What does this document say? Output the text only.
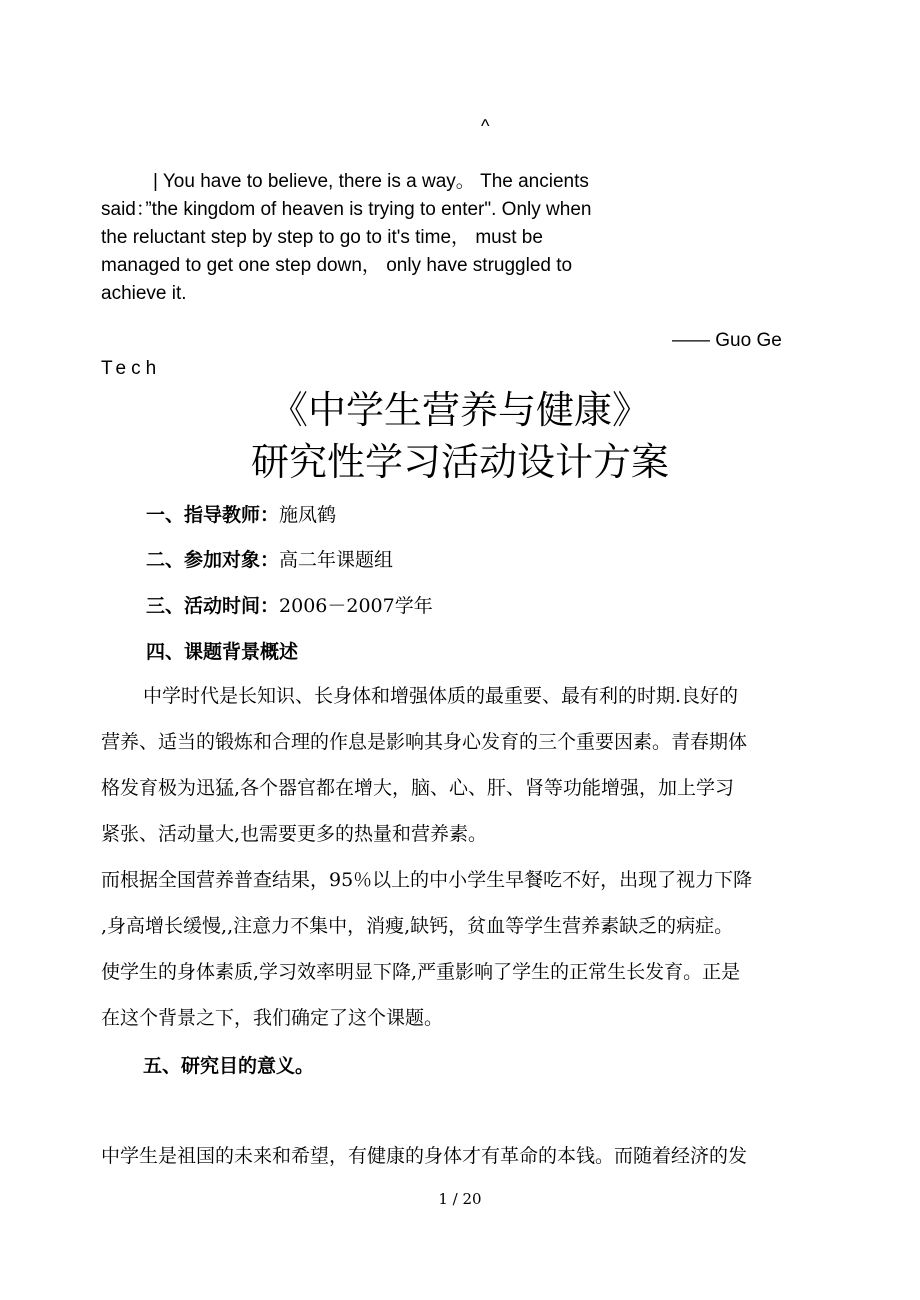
^
| You have to believe, there is a way。 The ancients
said：”the kingdom of heaven is trying to enter". Only when
the reluctant step by step to go to it's time， must be
managed to get one step down， only have struggled to
achieve it.
—— Guo Ge
Tech
《中学生营养与健康》
研究性学习活动设计方案
一、指导教师：施凤鹤
二、参加对象：高二年课题组
三、活动时间：2006－2007学年
四、课题背景概述
中学时代是长知识、长身体和增强体质的最重要、最有利的时期.良好的
营养、适当的锻炼和合理的作息是影响其身心发育的三个重要因素。青春期体
格发育极为迅猛,各个器官都在增大，脑、心、肝、肾等功能增强，加上学习
紧张、活动量大,也需要更多的热量和营养素。
而根据全国营养普查结果，95％以上的中小学生早餐吃不好，出现了视力下降
,身高增长缓慢,,注意力不集中，消瘦,缺钙，贫血等学生营养素缺乏的病症。
使学生的身体素质,学习效率明显下降,严重影响了学生的正常生长发育。正是
在这个背景之下，我们确定了这个课题。
五、研究目的意义。
中学生是祖国的未来和希望，有健康的身体才有革命的本钱。而随着经济的发
1 / 20
